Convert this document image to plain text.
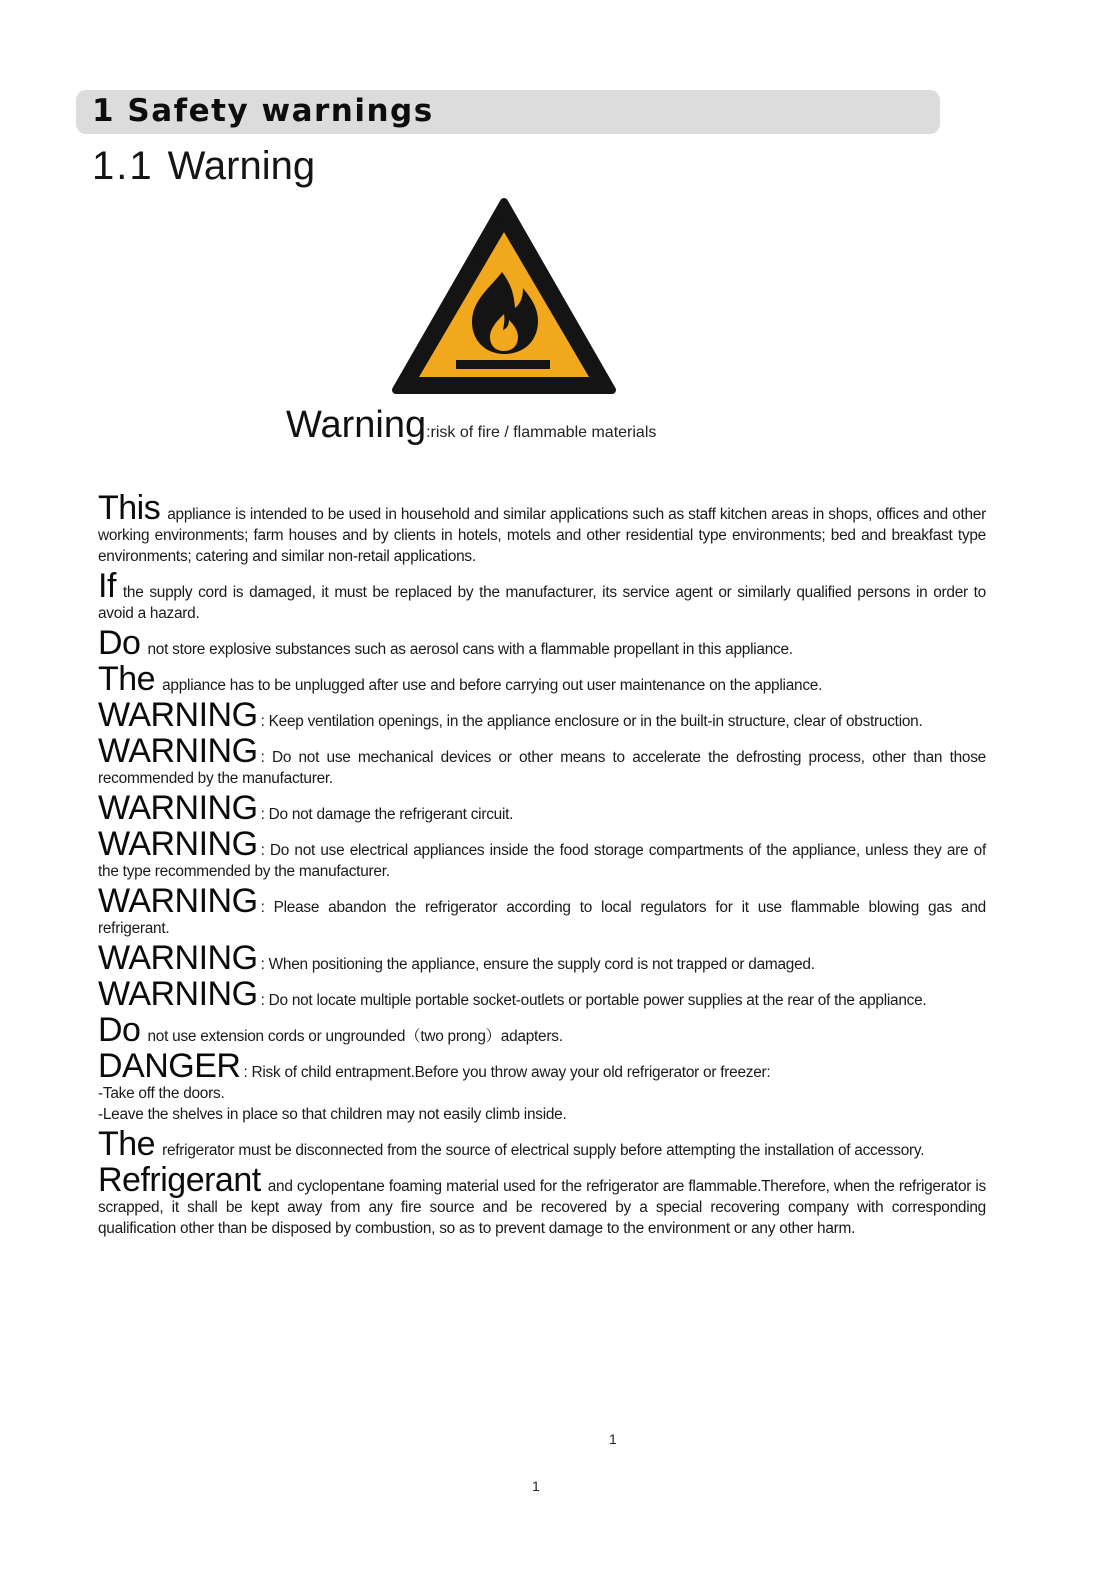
1 Safety warnings
1.1 Warning
Warning:risk of fire / flammable materials

This appliance is intended to be used in household and similar applications such as staff kitchen areas in shops, offices and other working environments; farm houses and by clients in hotels, motels and other residential type environments; bed and breakfast type environments; catering and similar non-retail applications.

If the supply cord is damaged, it must be replaced by the manufacturer, its service agent or similarly qualified persons in order to avoid a hazard.

Do not store explosive substances such as aerosol cans with a flammable propellant in this appliance.

The appliance has to be unplugged after use and before carrying out user maintenance on the appliance.

WARNING : Keep ventilation openings, in the appliance enclosure or in the built-in structure, clear of obstruction.

WARNING : Do not use mechanical devices or other means to accelerate the defrosting process, other than those recommended by the manufacturer.

WARNING : Do not damage the refrigerant circuit.

WARNING : Do not use electrical appliances inside the food storage compartments of the appliance, unless they are of the type recommended by the manufacturer.

WARNING : Please abandon the refrigerator according to local regulators for it use flammable blowing gas and refrigerant.

WARNING : When positioning the appliance, ensure the supply cord is not trapped or damaged.

WARNING : Do not locate multiple portable socket-outlets or portable power supplies at the rear of the appliance.

Do not use extension cords or ungrounded（two prong）adapters.

DANGER : Risk of child entrapment.Before you throw away your old refrigerator or freezer:
-Take off the doors.
-Leave the shelves in place so that children may not easily climb inside.

The refrigerator must be disconnected from the source of electrical supply before attempting the installation of accessory.

Refrigerant and cyclopentane foaming material used for the refrigerator are flammable.Therefore, when the refrigerator is scrapped, it shall be kept away from any fire source and be recovered by a special recovering company with corresponding qualification other than be disposed by combustion, so as to prevent damage to the environment or any other harm.

1
1
